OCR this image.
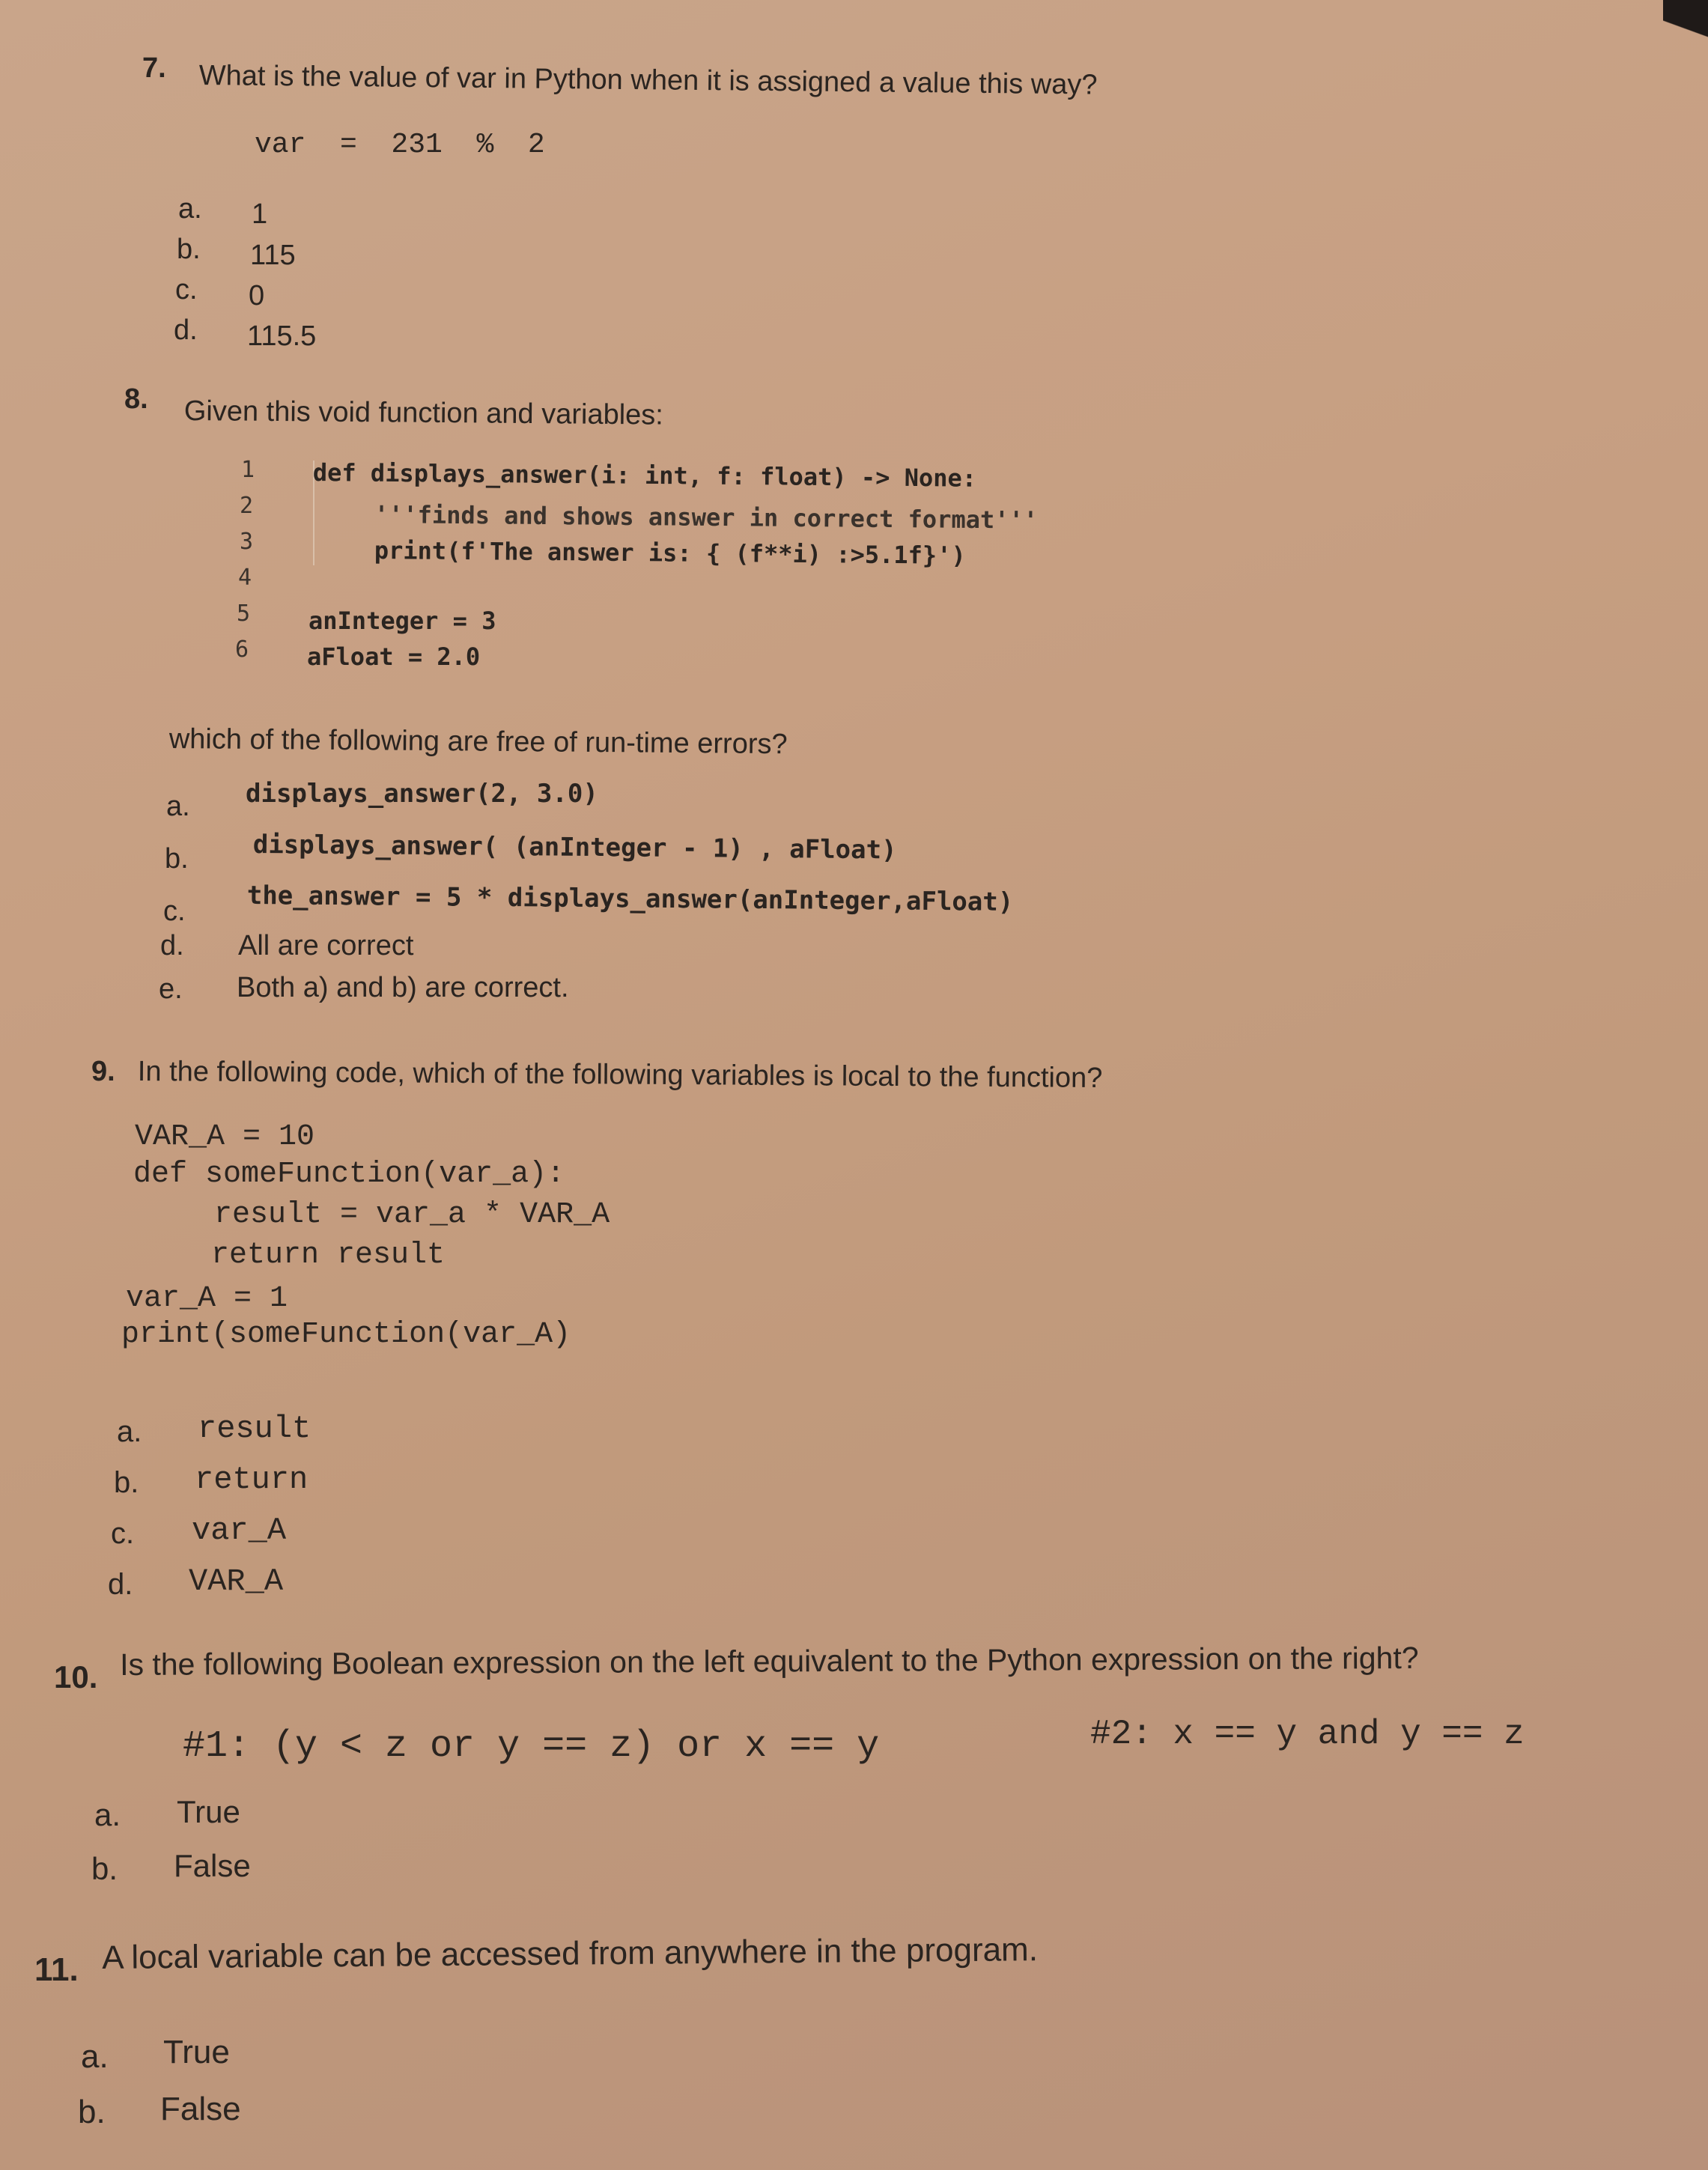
7. What is the value of var in Python when it is assigned a value this way?
var  =  231  %  2
a. 1
b. 115
c. 0
d. 115.5
8. Given this void function and variables:
1
2
3
4
5
6
def displays_answer(i: int, f: float) -> None:
'''finds and shows answer in correct format'''
print(f'The answer is: { (f**i) :>5.1f}')
anInteger = 3
aFloat = 2.0
which of the following are free of run-time errors?
a. displays_answer(2, 3.0)
b.	displays_answer( (anInteger - 1) , aFloat)
c. the_answer = 5 * displays_answer(anInteger,aFloat)
d. All are correct
e. Both a) and b) are correct.
9. In the following code, which of the following variables is local to the function?
VAR_A = 10
def someFunction(var_a):
result = var_a * VAR_A
return result
var_A = 1
print(someFunction(var_A)
a. result
b. return
c. var_A
d. VAR_A
10. Is the following Boolean expression on the left equivalent to the Python expression on the right?
#1: (y < z or y == z) or x == y	#2: x == y and y == z
a. True
b. False
11. A local variable can be accessed from anywhere in the program.
a. True
b. False
